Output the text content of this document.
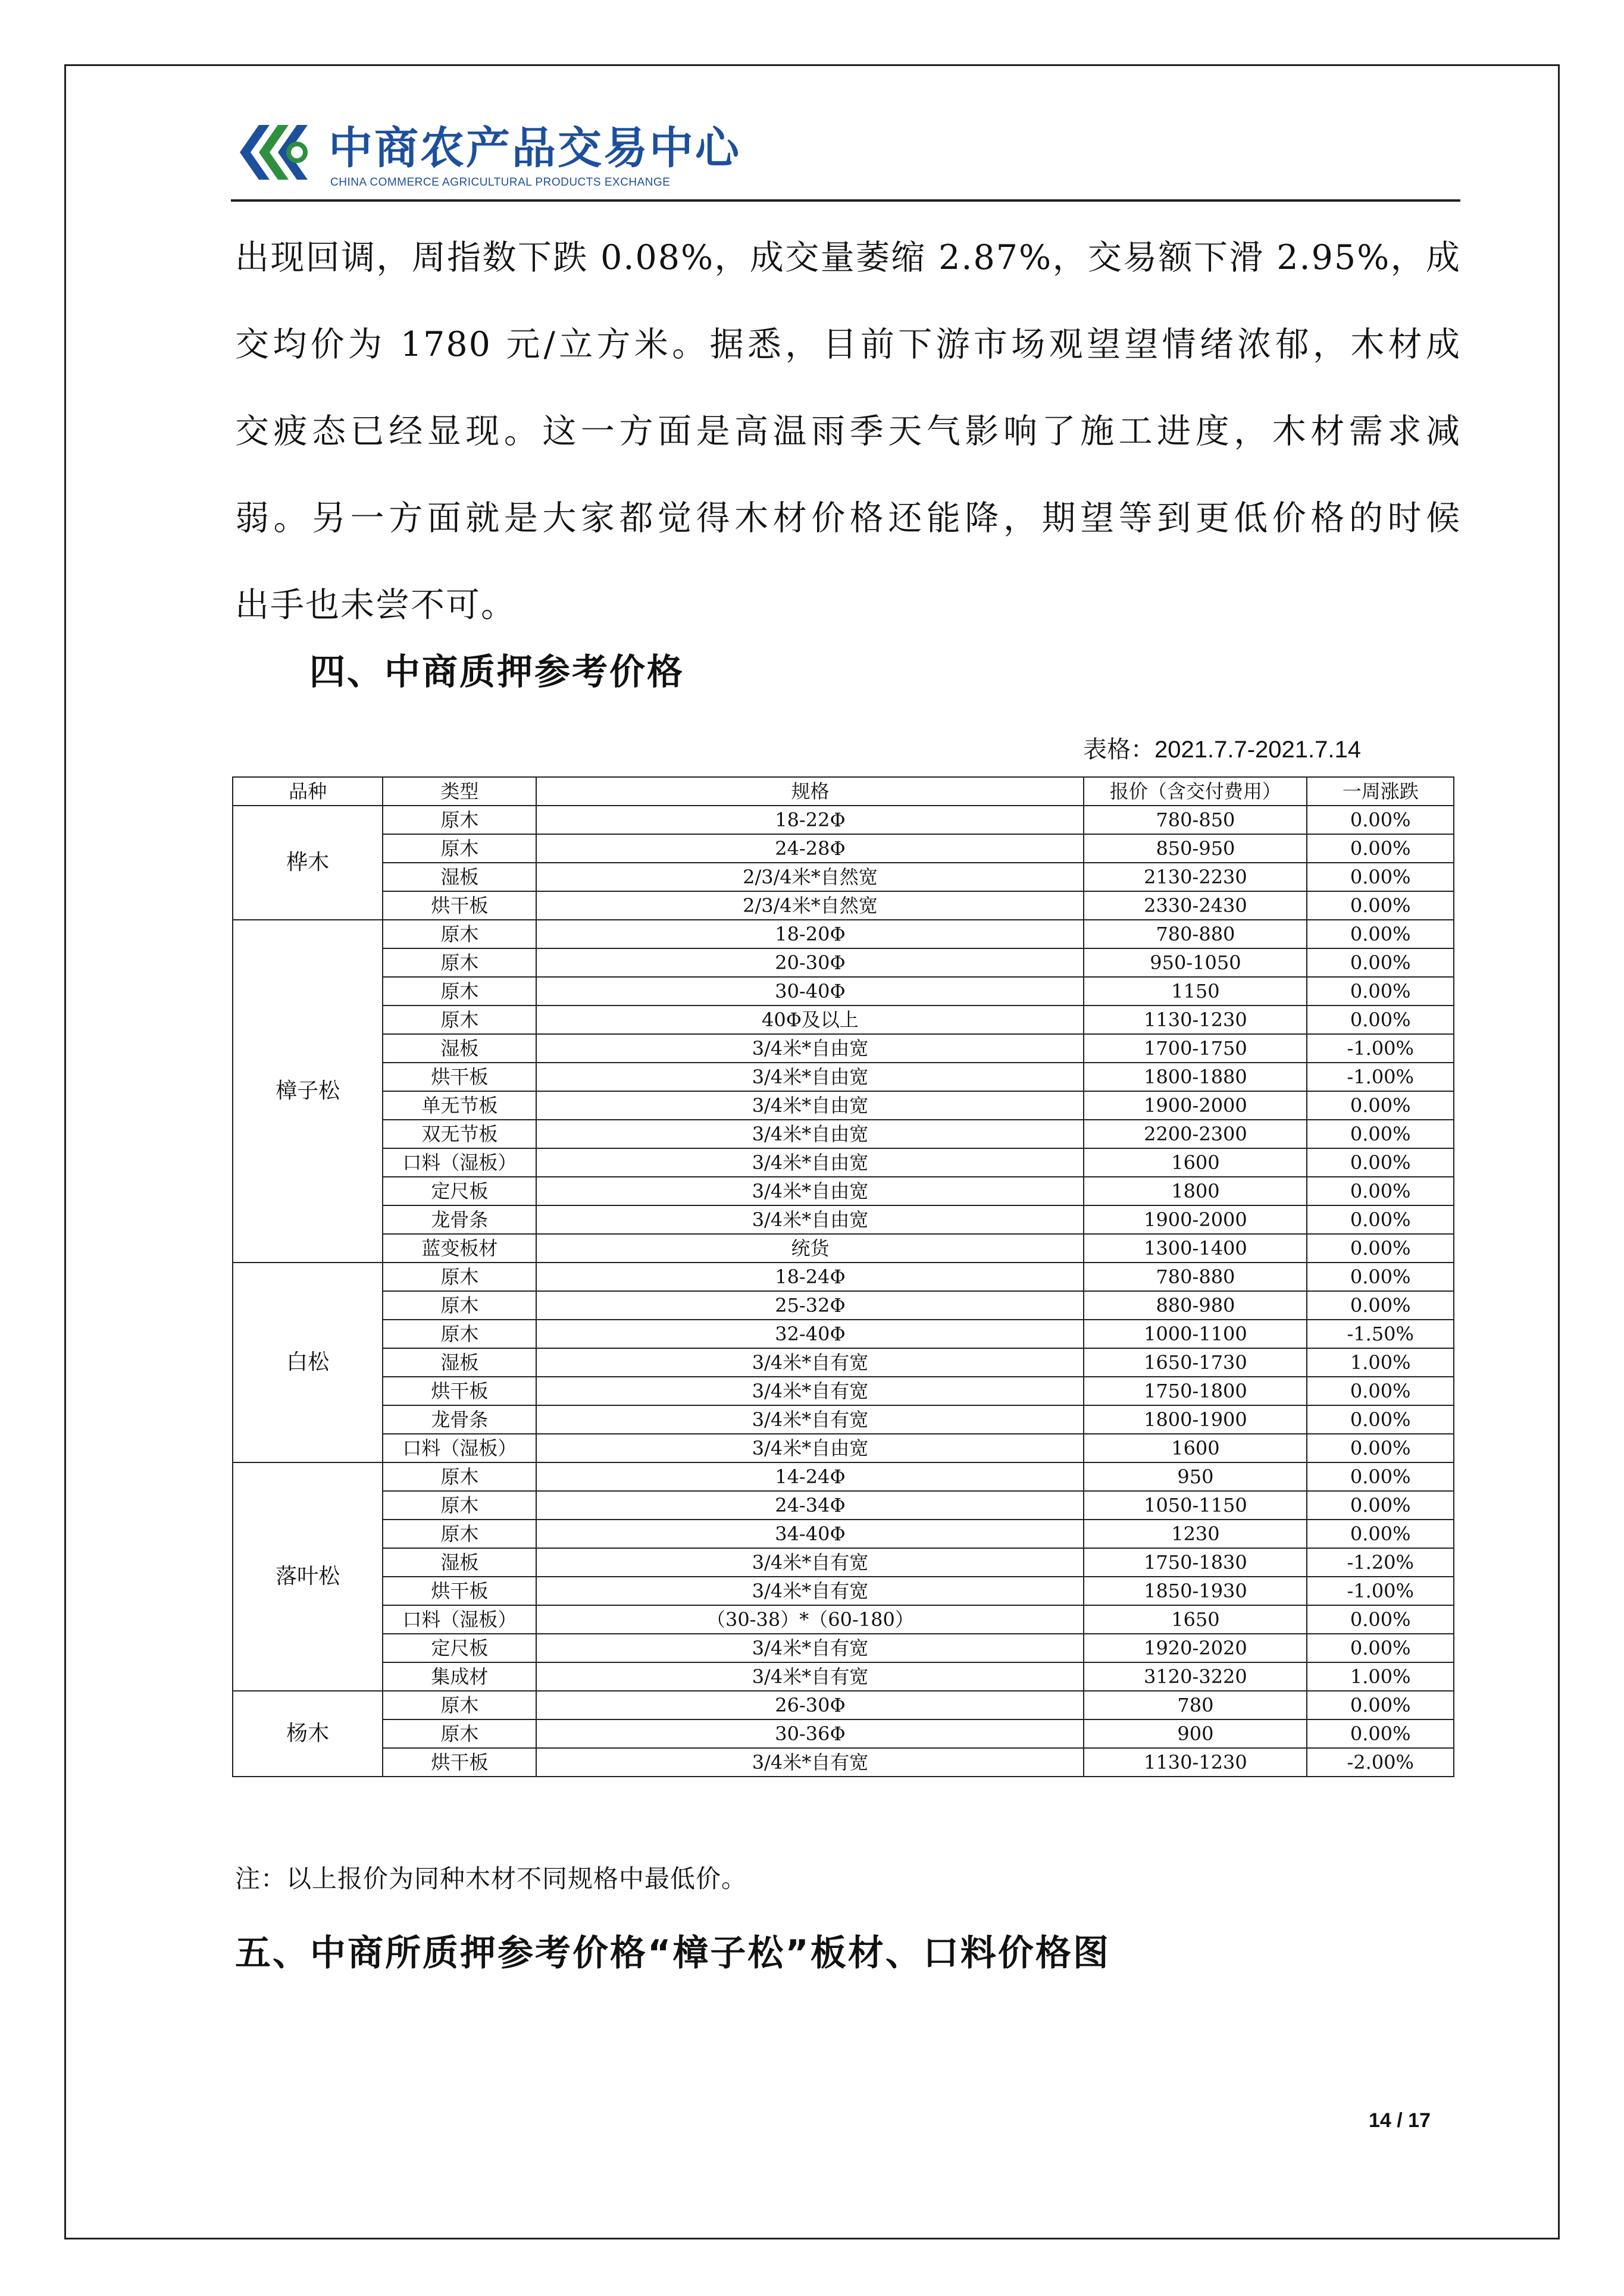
中商农产品交易中心
CHINA COMMERCE AGRICULTURAL PRODUCTS EXCHANGE
出现回调，周指数下跌 0.08%，成交量萎缩 2.87%，交易额下滑 2.95%，成
交均价为 1780 元/立方米。据悉，目前下游市场观望望情绪浓郁，木材成
交疲态已经显现。这一方面是高温雨季天气影响了施工进度，木材需求减
弱。另一方面就是大家都觉得木材价格还能降，期望等到更低价格的时候
出手也未尝不可。
四、中商质押参考价格
表格：2021.7.7-2021.7.14
品种	类型	规格	报价（含交付费用）	一周涨跌
桦木	原木	18-22Φ	780-850	0.00%
	原木	24-28Φ	850-950	0.00%
	湿板	2/3/4米*自然宽	2130-2230	0.00%
	烘干板	2/3/4米*自然宽	2330-2430	0.00%
樟子松	原木	18-20Φ	780-880	0.00%
	原木	20-30Φ	950-1050	0.00%
	原木	30-40Φ	1150	0.00%
	原木	40Φ及以上	1130-1230	0.00%
	湿板	3/4米*自由宽	1700-1750	-1.00%
	烘干板	3/4米*自由宽	1800-1880	-1.00%
	单无节板	3/4米*自由宽	1900-2000	0.00%
	双无节板	3/4米*自由宽	2200-2300	0.00%
	口料（湿板）	3/4米*自由宽	1600	0.00%
	定尺板	3/4米*自由宽	1800	0.00%
	龙骨条	3/4米*自由宽	1900-2000	0.00%
	蓝变板材	统货	1300-1400	0.00%
白松	原木	18-24Φ	780-880	0.00%
	原木	25-32Φ	880-980	0.00%
	原木	32-40Φ	1000-1100	-1.50%
	湿板	3/4米*自有宽	1650-1730	1.00%
	烘干板	3/4米*自有宽	1750-1800	0.00%
	龙骨条	3/4米*自有宽	1800-1900	0.00%
	口料（湿板）	3/4米*自由宽	1600	0.00%
落叶松	原木	14-24Φ	950	0.00%
	原木	24-34Φ	1050-1150	0.00%
	原木	34-40Φ	1230	0.00%
	湿板	3/4米*自有宽	1750-1830	-1.20%
	烘干板	3/4米*自有宽	1850-1930	-1.00%
	口料（湿板）	（30-38）*（60-180）	1650	0.00%
	定尺板	3/4米*自有宽	1920-2020	0.00%
	集成材	3/4米*自有宽	3120-3220	1.00%
杨木	原木	26-30Φ	780	0.00%
	原木	30-36Φ	900	0.00%
	烘干板	3/4米*自有宽	1130-1230	-2.00%
注：以上报价为同种木材不同规格中最低价。
五、中商所质押参考价格“樟子松”板材、口料价格图
14 / 17
